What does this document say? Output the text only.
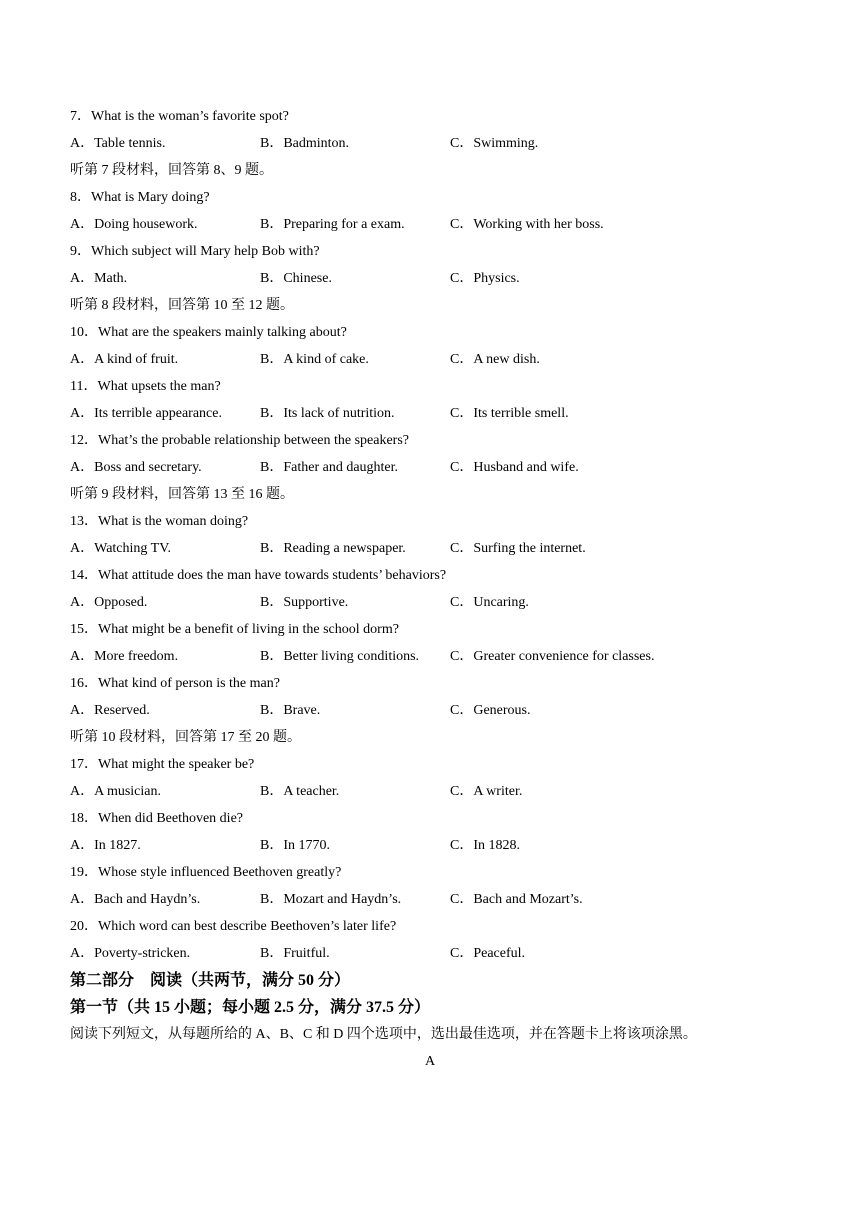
7．What is the woman’s favorite spot?
A．Table tennis.	B．Badminton.	C．Swimming.
听第 7 段材料，回答第 8、9 题。
8．What is Mary doing?
A．Doing housework.	B．Preparing for a exam.	C．Working with her boss.
9．Which subject will Mary help Bob with?
A．Math.	B．Chinese.	C．Physics.
听第 8 段材料，回答第 10 至 12 题。
10．What are the speakers mainly talking about?
A．A kind of fruit.	B．A kind of cake.	C．A new dish.
11．What upsets the man?
A．Its terrible appearance.	B．Its lack of nutrition.	C．Its terrible smell.
12．What’s the probable relationship between the speakers?
A．Boss and secretary.	B．Father and daughter.	C．Husband and wife.
听第 9 段材料，回答第 13 至 16 题。
13．What is the woman doing?
A．Watching TV.	B．Reading a newspaper.	C．Surfing the internet.
14．What attitude does the man have towards students’ behaviors?
A．Opposed.	B．Supportive.	C．Uncaring.
15．What might be a benefit of living in the school dorm?
A．More freedom.	B．Better living conditions. C．Greater convenience for classes.
16．What kind of person is the man?
A．Reserved.	B．Brave.	C．Generous.
听第 10 段材料，回答第 17 至 20 题。
17．What might the speaker be?
A．A musician.	B．A teacher.	C．A writer.
18．When did Beethoven die?
A．In 1827.	B．In 1770.	C．In 1828.
19．Whose style influenced Beethoven greatly?
A．Bach and Haydn’s.	B．Mozart and Haydn’s.	C．Bach and Mozart’s.
20．Which word can best describe Beethoven’s later life?
A．Poverty-stricken.	B．Fruitful.	C．Peaceful.
第二部分　阅读（共两节，满分 50 分）
第一节（共 15 小题；每小题 2.5 分，满分 37.5 分）
阅读下列短文，从每题所给的 A、B、C 和 D 四个选项中，选出最佳选项，并在答题卡上将该项涂黑。
A
